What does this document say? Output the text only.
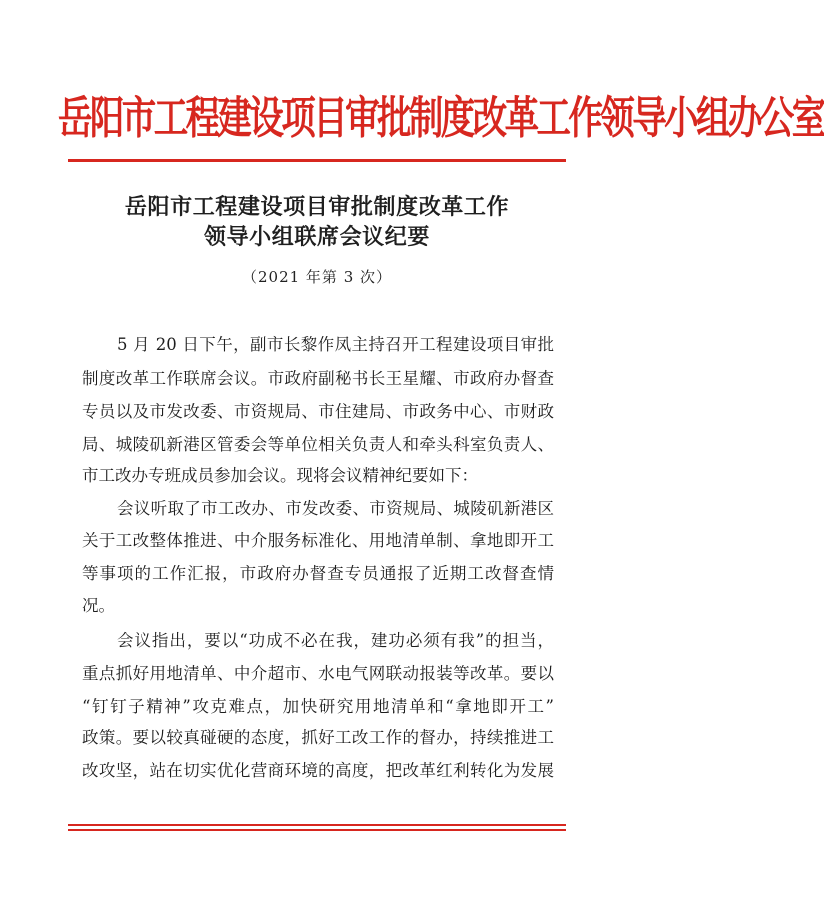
岳阳市工程建设项目审批制度改革工作领导小组办公室
岳阳市工程建设项目审批制度改革工作
领导小组联席会议纪要
（2021 年第 3 次）
5 月 20 日下午，副市长黎作凤主持召开工程建设项目审批
制度改革工作联席会议。市政府副秘书长王星耀、市政府办督查
专员以及市发改委、市资规局、市住建局、市政务中心、市财政
局、城陵矶新港区管委会等单位相关负责人和牵头科室负责人、
市工改办专班成员参加会议。现将会议精神纪要如下：
会议听取了市工改办、市发改委、市资规局、城陵矶新港区
关于工改整体推进、中介服务标准化、用地清单制、拿地即开工
等事项的工作汇报，市政府办督查专员通报了近期工改督查情
况。
会议指出，要以“功成不必在我，建功必须有我”的担当，
重点抓好用地清单、中介超市、水电气网联动报装等改革。要以
“钉钉子精神”攻克难点，加快研究用地清单和“拿地即开工”
政策。要以较真碰硬的态度，抓好工改工作的督办，持续推进工
改攻坚，站在切实优化营商环境的高度，把改革红利转化为发展
